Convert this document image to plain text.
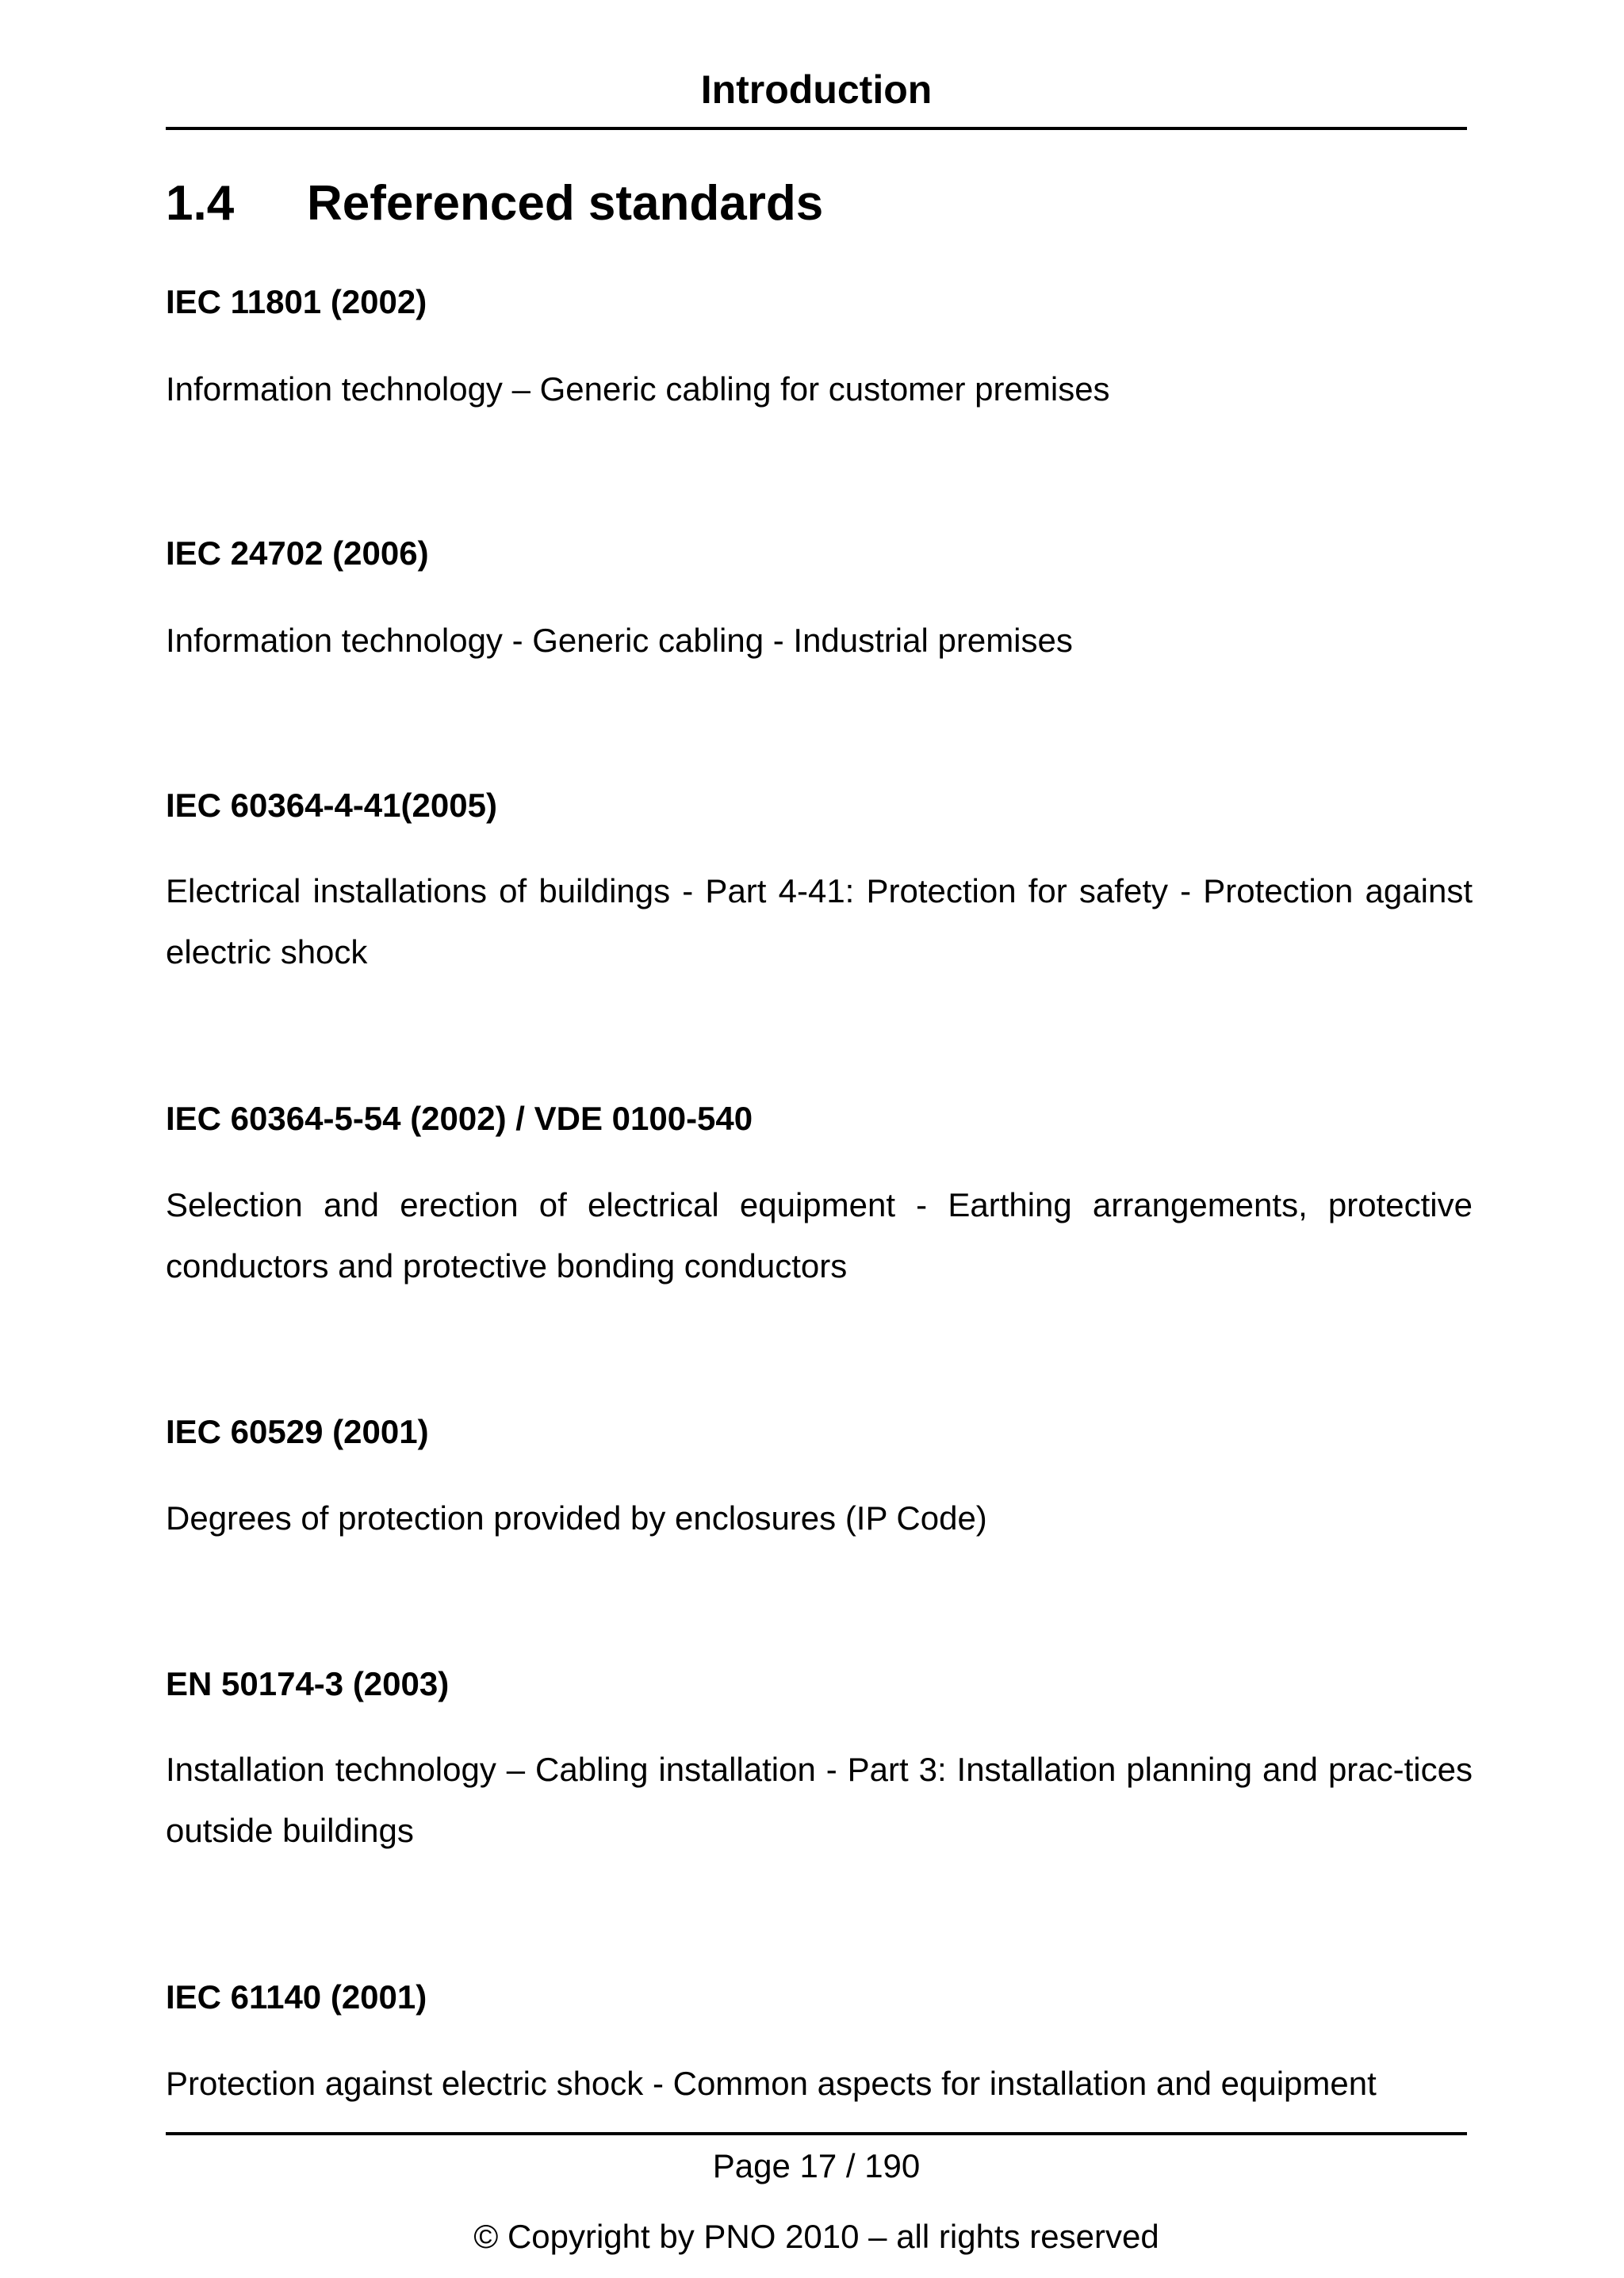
Introduction
1.4 Referenced standards
IEC 11801 (2002)
Information technology – Generic cabling for customer premises
IEC 24702 (2006)
Information technology - Generic cabling - Industrial premises
IEC 60364-4-41(2005)
Electrical installations of buildings - Part 4-41: Protection for safety - Protection against electric shock
IEC 60364-5-54 (2002) / VDE 0100-540
Selection and erection of electrical equipment - Earthing arrangements, protective conductors and protective bonding conductors
IEC 60529 (2001)
Degrees of protection provided by enclosures (IP Code)
EN 50174-3 (2003)
Installation technology – Cabling installation - Part 3: Installation planning and prac-tices outside buildings
IEC 61140 (2001)
Protection against electric shock - Common aspects for installation and equipment
Page 17 / 190
© Copyright by PNO 2010 – all rights reserved
